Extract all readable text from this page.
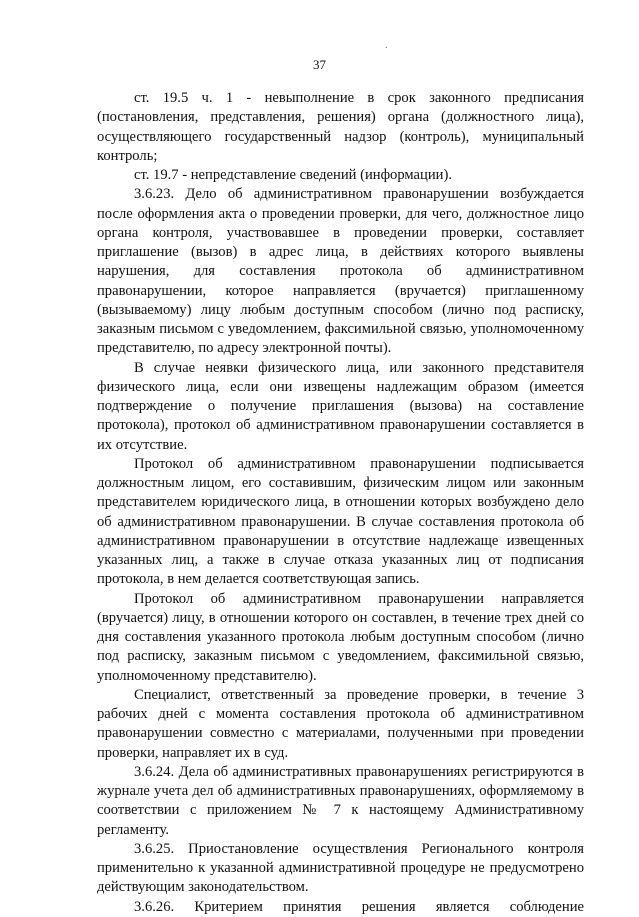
.
37

ст. 19.5 ч. 1 - невыполнение в срок законного предписания (постановления, представления, решения) органа (должностного лица), осуществляющего государственный надзор (контроль), муниципальный контроль;

ст. 19.7 - непредставление сведений (информации).

3.6.23. Дело об административном правонарушении возбуждается после оформления акта о проведении проверки, для чего, должностное лицо органа контроля, участвовавшее в проведении проверки, составляет приглашение (вызов) в адрес лица, в действиях которого выявлены нарушения, для составления протокола об административном правонарушении, которое направляется (вручается) приглашенному (вызываемому) лицу любым доступным способом (лично под расписку, заказным письмом с уведомлением, факсимильной связью, уполномоченному представителю, по адресу электронной почты).

В случае неявки физического лица, или законного представителя физического лица, если они извещены надлежащим образом (имеется подтверждение о получение приглашения (вызова) на составление протокола), протокол об административном правонарушении составляется в их отсутствие.

Протокол об административном правонарушении подписывается должностным лицом, его составившим, физическим лицом или законным представителем юридического лица, в отношении которых возбуждено дело об административном правонарушении. В случае составления протокола об административном правонарушении в отсутствие надлежаще извещенных указанных лиц, а также в случае отказа указанных лиц от подписания протокола, в нем делается соответствующая запись.

Протокол об административном правонарушении направляется (вручается) лицу, в отношении которого он составлен, в течение трех дней со дня составления указанного протокола любым доступным способом (лично под расписку, заказным письмом с уведомлением, факсимильной связью, уполномоченному представителю).

Специалист, ответственный за проведение проверки, в течение 3 рабочих дней с момента составления протокола об административном правонарушении совместно с материалами, полученными при проведении проверки, направляет их в суд.

3.6.24. Дела об административных правонарушениях регистрируются в журнале учета дел об административных правонарушениях, оформляемому в соответствии с приложением № 7 к настоящему Административному регламенту.

3.6.25. Приостановление осуществления Регионального контроля применительно к указанной административной процедуре не предусмотрено действующим законодательством.

3.6.26. Критерием принятия решения является соблюдение
